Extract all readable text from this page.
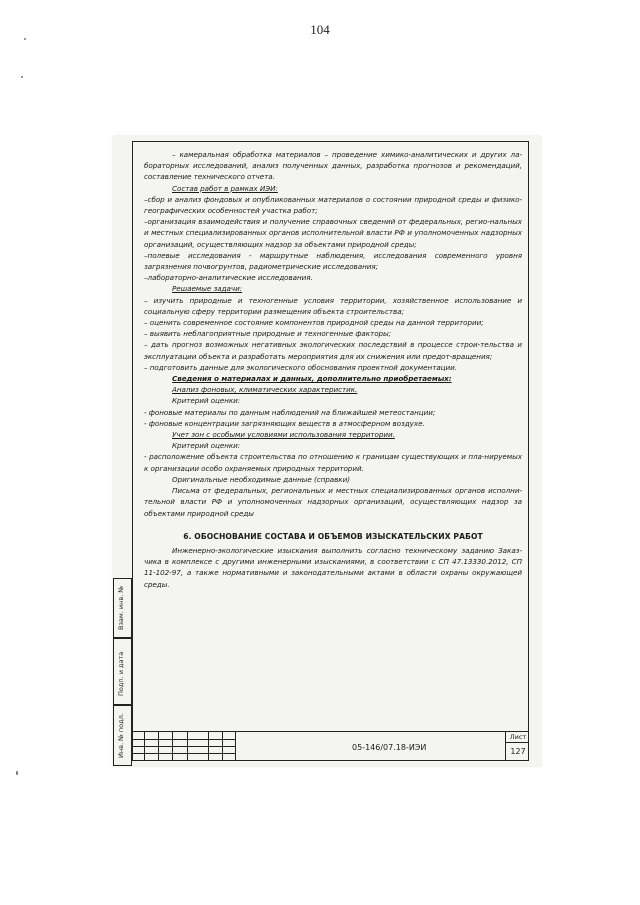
104

– камеральная обработка материалов – проведение химико-аналитических и других ла-бораторных исследований, анализ полученных данных, разработка прогнозов и рекомендаций, составление технического отчета.

Состав работ в рамках ИЭИ:

–сбор и анализ фондовых и опубликованных материалов о состоянии природной среды и физико-географических особенностей участка работ;

–организация взаимодействия и получение справочных сведений от федеральных, регио-нальных и местных специализированных органов исполнительной власти РФ и уполномоченных надзорных организаций, осуществляющих надзор за объектами природной среды;

–полевые исследования - маршрутные наблюдения, исследования современного уровня загрязнения почвогрунтов, радиометрические исследования;

–лабораторно-аналитические исследования.

Решаемые задачи:

– изучить природные и техногенные условия территории, хозяйственное использование и социальную сферу территории размещения объекта строительства;

– оценить современное состояние компонентов природной среды на данной территории;

– выявить неблагоприятные природные и техногенные факторы;

– дать прогноз возможных негативных экологических последствий в процессе строи-тельства и эксплуатации объекта и разработать мероприятия для их снижения или предот-вращения;

– подготовить данные для экологического обоснования проектной документации.

Сведения о материалах и данных, дополнительно приобретаемых:

Анализ фоновых, климатических характеристик.

Критерий оценки:

- фоновые материалы по данным наблюдений на ближайшей метеостанции;

- фоновые концентрации загрязняющих веществ в атмосферном воздухе.

Учет зон с особыми условиями использования территории.

Критерий оценки:

- расположение объекта строительства по отношению к границам существующих и пла-нируемых к организации особо охраняемых природных территорий.

Оригинальные необходимые данные (справки)

Письма от федеральных, региональных и местных специализированных органов исполни-тельной власти РФ и уполномоченных надзорных организаций, осуществляющих надзор за объектами природной среды

6. ОБОСНОВАНИЕ СОСТАВА И ОБЪЕМОВ ИЗЫСКАТЕЛЬСКИХ РАБОТ

Инженерно-экологические изыскания выполнить согласно техническому заданию Заказ-чика в комплексе с другими инженерными изысканиями, в соответствии с СП 47.13330.2012, СП 11-102-97, а также нормативными и законодательными актами в области охраны окружающей среды.

Взам. инв. №
Подп. и дата
Инв. № подл.	05-146/07.18-ИЭИ
Лист
127
